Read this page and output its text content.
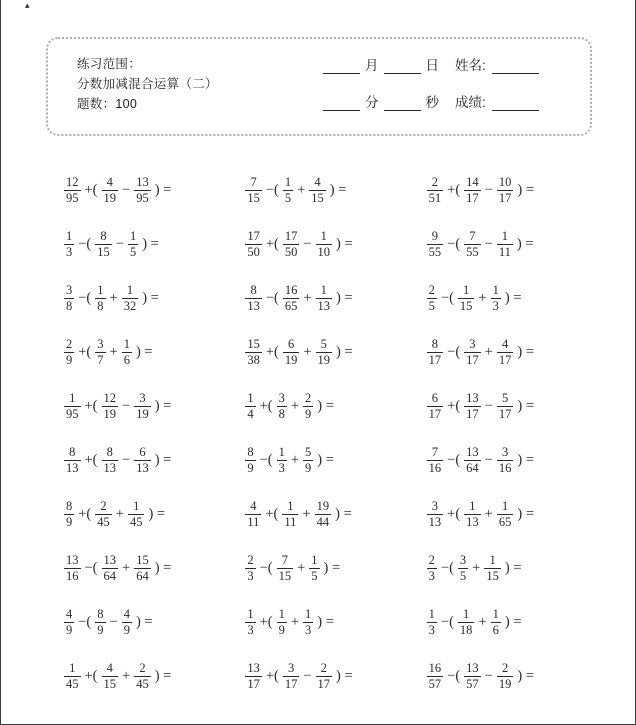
▴
练习范围：
分数加减混合运算（二）
题数：100
月	日 姓名:
分	秒 成绩:
$\frac{12}{95}$ +( $\frac{4}{19} - \frac{13}{95}$ ) =	$\frac{7}{15}$ −( $\frac{1}{5} + \frac{4}{15}$ ) =	$\frac{2}{51}$ +( $\frac{14}{17} - \frac{10}{17}$ ) =
$\frac{1}{3}$ −( $\frac{8}{15} - \frac{1}{5}$ ) =	$\frac{17}{50}$ +( $\frac{17}{50} - \frac{1}{10}$ ) =	$\frac{9}{55}$ −( $\frac{7}{55} - \frac{1}{11}$ ) =
$\frac{3}{8}$ −( $\frac{1}{8} + \frac{1}{32}$ ) =	$\frac{8}{13}$ −( $\frac{16}{65} + \frac{1}{13}$ ) =	$\frac{2}{5}$ −( $\frac{1}{15} + \frac{1}{3}$ ) =
$\frac{2}{9}$ +( $\frac{3}{7} + \frac{1}{6}$ ) =	$\frac{15}{38}$ +( $\frac{6}{19} + \frac{5}{19}$ ) =	$\frac{8}{17}$ −( $\frac{3}{17} + \frac{4}{17}$ ) =
$\frac{1}{95}$ +( $\frac{12}{19} - \frac{3}{19}$ ) =	$\frac{1}{4}$ +( $\frac{3}{8} + \frac{2}{9}$ ) =	$\frac{6}{17}$ +( $\frac{13}{17} - \frac{5}{17}$ ) =
$\frac{8}{13}$ +( $\frac{8}{13} - \frac{6}{13}$ ) =	$\frac{8}{9}$ −( $\frac{1}{3} + \frac{5}{9}$ ) =	$\frac{7}{16}$ −( $\frac{13}{64} - \frac{3}{16}$ ) =
$\frac{8}{9}$ +( $\frac{2}{45} + \frac{1}{45}$ ) =	$\frac{4}{11}$ +( $\frac{1}{11} + \frac{19}{44}$ ) =	$\frac{3}{13}$ +( $\frac{1}{13} + \frac{1}{65}$ ) =
$\frac{13}{16}$ −( $\frac{13}{64} + \frac{15}{64}$ ) =	$\frac{2}{3}$ −( $\frac{7}{15} + \frac{1}{5}$ ) =	$\frac{2}{3}$ −( $\frac{3}{5} + \frac{1}{15}$ ) =
$\frac{4}{9}$ −( $\frac{8}{9} - \frac{4}{9}$ ) =	$\frac{1}{3}$ +( $\frac{1}{9} + \frac{1}{3}$ ) =	$\frac{1}{3}$ −( $\frac{1}{18} + \frac{1}{6}$ ) =
$\frac{1}{45}$ +( $\frac{4}{15} + \frac{2}{45}$ ) =	$\frac{13}{17}$ +( $\frac{3}{17} - \frac{2}{17}$ ) =	$\frac{16}{57}$ −( $\frac{13}{57} - \frac{2}{19}$ ) =
